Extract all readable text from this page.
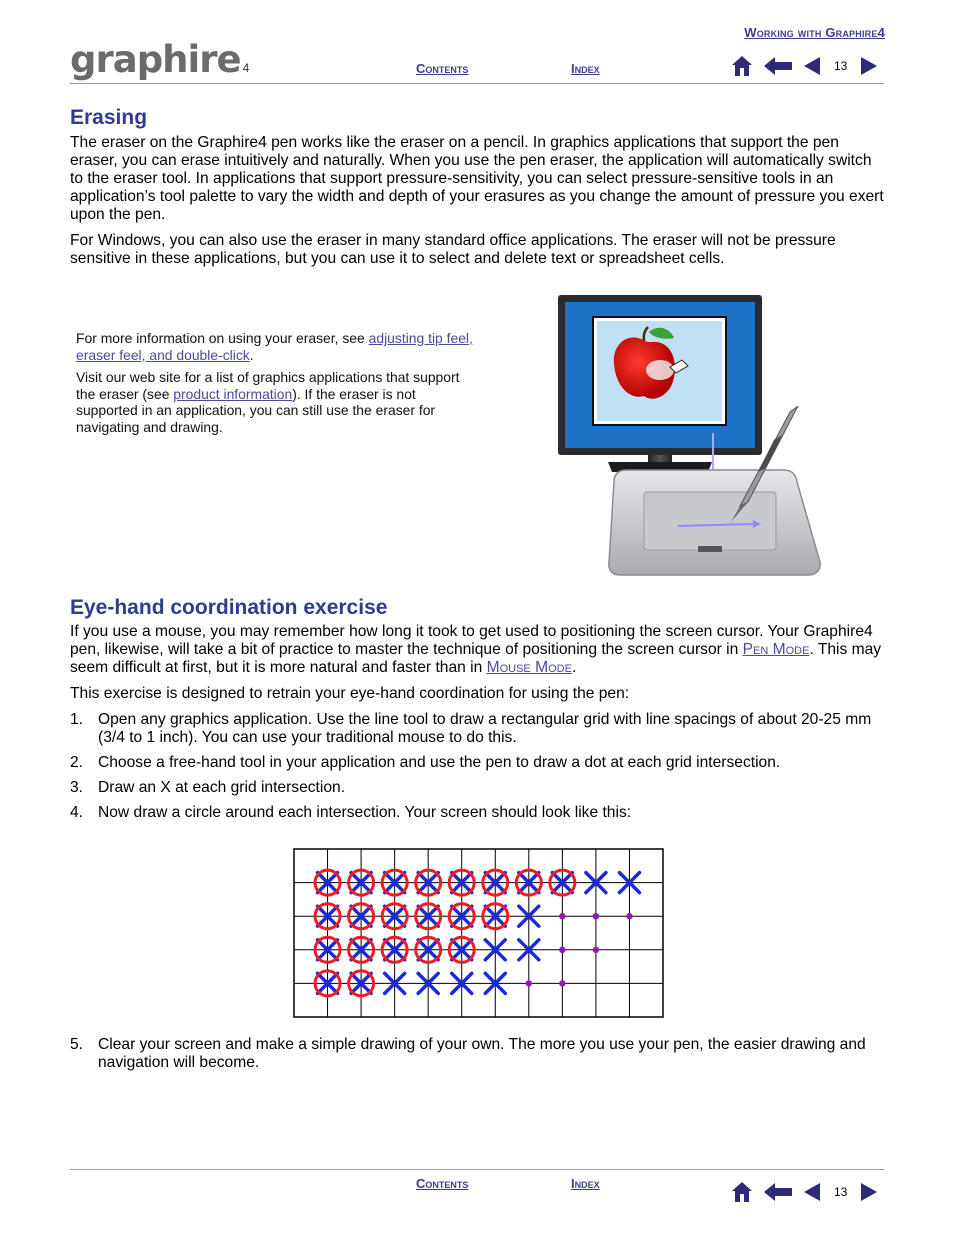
Working with Graphire4
graphire 4	Contents	Index	13
Erasing

The eraser on the Graphire4 pen works like the eraser on a pencil. In graphics applications that support the pen eraser, you can erase intuitively and naturally. When you use the pen eraser, the application will automatically switch to the eraser tool. In applications that support pressure-sensitivity, you can select pressure-sensitive tools in an application’s tool palette to vary the width and depth of your erasures as you change the amount of pressure you exert upon the pen.

For Windows, you can also use the eraser in many standard office applications. The eraser will not be pressure sensitive in these applications, but you can use it to select and delete text or spreadsheet cells.

For more information on using your eraser, see adjusting tip feel, eraser feel, and double-click.
Visit our web site for a list of graphics applications that support the eraser (see product information). If the eraser is not supported in an application, you can still use the eraser for navigating and drawing.
Eye-hand coordination exercise

If you use a mouse, you may remember how long it took to get used to positioning the screen cursor. Your Graphire4 pen, likewise, will take a bit of practice to master the technique of positioning the screen cursor in Pen Mode. This may seem difficult at first, but it is more natural and faster than in Mouse Mode.

This exercise is designed to retrain your eye-hand coordination for using the pen:

1. Open any graphics application. Use the line tool to draw a rectangular grid with line spacings of about 20-25 mm (3/4 to 1 inch). You can use your traditional mouse to do this.
2. Choose a free-hand tool in your application and use the pen to draw a dot at each grid intersection.
3. Draw an X at each grid intersection.
4. Now draw a circle around each intersection. Your screen should look like this:
5. Clear your screen and make a simple drawing of your own. The more you use your pen, the easier drawing and navigation will become.
Contents	Index
13
